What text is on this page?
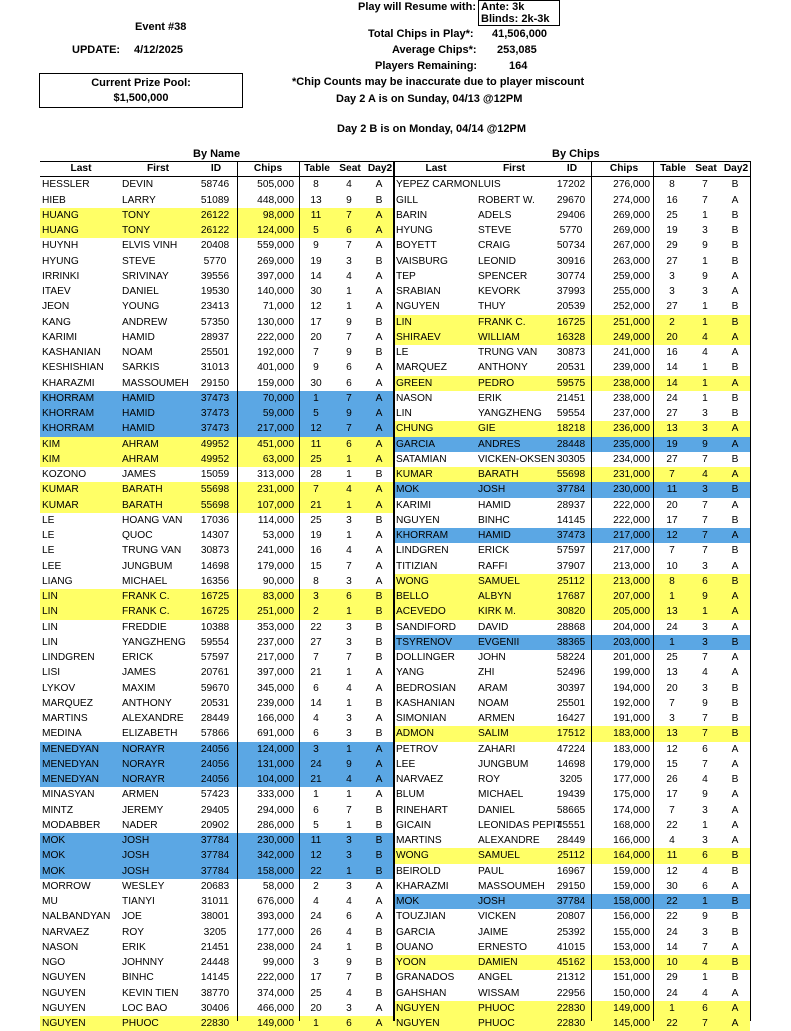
Event #38
UPDATE: 4/12/2025
Play will Resume with: Ante: 3k
Blinds: 2k-3k
Total Chips in Play*: 41,506,000
Average Chips*: 253,085
Players Remaining:	164
Current Prize Pool:
$1,500,000
*Chip Counts may be inaccurate due to player miscount
Day 2 A is on Sunday, 04/13 @12PM
Day 2 B is on Monday, 04/14 @12PM
By Name	By Chips
Last	First	ID	Chips	Table	Seat	Day2
HESSLER	DEVIN	58746	505,000	8	4	A
HIEB	LARRY	51089	448,000	13	9	B
HUANG	TONY	26122	98,000	11	7	A
HUANG	TONY	26122	124,000	5	6	A
HUYNH	ELVIS VINH	20408	559,000	9	7	A
HYUNG	STEVE	5770	269,000	19	3	B
IRRINKI	SRIVINAY	39556	397,000	14	4	A
ITAEV	DANIEL	19530	140,000	30	1	A
JEON	YOUNG	23413	71,000	12	1	A
KANG	ANDREW	57350	130,000	17	9	B
KARIMI	HAMID	28937	222,000	20	7	A
KASHANIAN	NOAM	25501	192,000	7	9	B
KESHISHIAN	SARKIS	31013	401,000	9	6	A
KHARAZMI	MASSOUMEH	29150	159,000	30	6	A
KHORRAM	HAMID	37473	70,000	1	7	A
KHORRAM	HAMID	37473	59,000	5	9	A
KHORRAM	HAMID	37473	217,000	12	7	A
KIM	AHRAM	49952	451,000	11	6	A
KIM	AHRAM	49952	63,000	25	1	A
KOZONO	JAMES	15059	313,000	28	1	B
KUMAR	BARATH	55698	231,000	7	4	A
KUMAR	BARATH	55698	107,000	21	1	A
LE	HOANG VAN	17036	114,000	25	3	B
LE	QUOC	14307	53,000	19	1	A
LE	TRUNG VAN	30873	241,000	16	4	A
LEE	JUNGBUM	14698	179,000	15	7	A
LIANG	MICHAEL	16356	90,000	8	3	A
LIN	FRANK C.	16725	83,000	3	6	B
LIN	FRANK C.	16725	251,000	2	1	B
LIN	FREDDIE	10388	353,000	22	3	B
LIN	YANGZHENG	59554	237,000	27	3	B
LINDGREN	ERICK	57597	217,000	7	7	B
LISI	JAMES	20761	397,000	21	1	A
LYKOV	MAXIM	59670	345,000	6	4	A
MARQUEZ	ANTHONY	20531	239,000	14	1	B
MARTINS	ALEXANDRE	28449	166,000	4	3	A
MEDINA	ELIZABETH	57866	691,000	6	3	B
MENEDYAN	NORAYR	24056	124,000	3	1	A
MENEDYAN	NORAYR	24056	131,000	24	9	A
MENEDYAN	NORAYR	24056	104,000	21	4	A
MINASYAN	ARMEN	57423	333,000	1	1	A
MINTZ	JEREMY	29405	294,000	6	7	B
MODABBER	NADER	20902	286,000	5	1	B
MOK	JOSH	37784	230,000	11	3	B
MOK	JOSH	37784	342,000	12	3	B
MOK	JOSH	37784	158,000	22	1	B
MORROW	WESLEY	20683	58,000	2	3	A
MU	TIANYI	31011	676,000	4	4	A
NALBANDYAN	JOE	38001	393,000	24	6	A
NARVAEZ	ROY	3205	177,000	26	4	B
NASON	ERIK	21451	238,000	24	1	B
NGO	JOHNNY	24448	99,000	3	9	B
NGUYEN	BINHC	14145	222,000	17	7	B
NGUYEN	KEVIN TIEN	38770	374,000	25	4	B
NGUYEN	LOC BAO	30406	466,000	20	3	A
NGUYEN	PHUOC	22830	149,000	1	6	A
Last	First	ID	Chips	Table	Seat	Day2
YEPEZ CARMON	LUIS	17202	276,000	8	7	B
GILL	ROBERT W.	29670	274,000	16	7	A
BARIN	ADELS	29406	269,000	25	1	B
HYUNG	STEVE	5770	269,000	19	3	B
BOYETT	CRAIG	50734	267,000	29	9	B
VAISBURG	LEONID	30916	263,000	27	1	B
TEP	SPENCER	30774	259,000	3	9	A
SRABIAN	KEVORK	37993	255,000	3	3	A
NGUYEN	THUY	20539	252,000	27	1	B
LIN	FRANK C.	16725	251,000	2	1	B
SHIRAEV	WILLIAM	16328	249,000	20	4	A
LE	TRUNG VAN	30873	241,000	16	4	A
MARQUEZ	ANTHONY	20531	239,000	14	1	B
GREEN	PEDRO	59575	238,000	14	1	A
NASON	ERIK	21451	238,000	24	1	B
LIN	YANGZHENG	59554	237,000	27	3	B
CHUNG	GIE	18218	236,000	13	3	A
GARCIA	ANDRES	28448	235,000	19	9	A
SATAMIAN	VICKEN-OKSEN	30305	234,000	27	7	B
KUMAR	BARATH	55698	231,000	7	4	A
MOK	JOSH	37784	230,000	11	3	B
KARIMI	HAMID	28937	222,000	20	7	A
NGUYEN	BINHC	14145	222,000	17	7	B
KHORRAM	HAMID	37473	217,000	12	7	A
LINDGREN	ERICK	57597	217,000	7	7	B
TITIZIAN	RAFFI	37907	213,000	10	3	A
WONG	SAMUEL	25112	213,000	8	6	B
BELLO	ALBYN	17687	207,000	1	9	A
ACEVEDO	KIRK M.	30820	205,000	13	1	A
SANDIFORD	DAVID	28868	204,000	24	3	A
TSYRENOV	EVGENII	38365	203,000	1	3	B
DOLLINGER	JOHN	58224	201,000	25	7	A
YANG	ZHI	52496	199,000	13	4	A
BEDROSIAN	ARAM	30397	194,000	20	3	B
KASHANIAN	NOAM	25501	192,000	7	9	B
SIMONIAN	ARMEN	16427	191,000	3	7	B
ADMON	SALIM	17512	183,000	13	7	B
PETROV	ZAHARI	47224	183,000	12	6	A
LEE	JUNGBUM	14698	179,000	15	7	A
NARVAEZ	ROY	3205	177,000	26	4	B
BLUM	MICHAEL	19439	175,000	17	9	A
RINEHART	DANIEL	58665	174,000	7	3	A
GICAIN	LEONIDAS PEPIT	45551	168,000	22	1	A
MARTINS	ALEXANDRE	28449	166,000	4	3	A
WONG	SAMUEL	25112	164,000	11	6	B
BEIROLD	PAUL	16967	159,000	12	4	B
KHARAZMI	MASSOUMEH	29150	159,000	30	6	A
MOK	JOSH	37784	158,000	22	1	B
TOUZJIAN	VICKEN	20807	156,000	22	9	B
GARCIA	JAIME	25392	155,000	24	3	B
OUANO	ERNESTO	41015	153,000	14	7	A
YOON	DAMIEN	45162	153,000	10	4	B
GRANADOS	ANGEL	21312	151,000	29	1	B
GAHSHAN	WISSAM	22956	150,000	24	4	A
NGUYEN	PHUOC	22830	149,000	1	6	A
NGUYEN	PHUOC	22830	145,000	22	7	A
